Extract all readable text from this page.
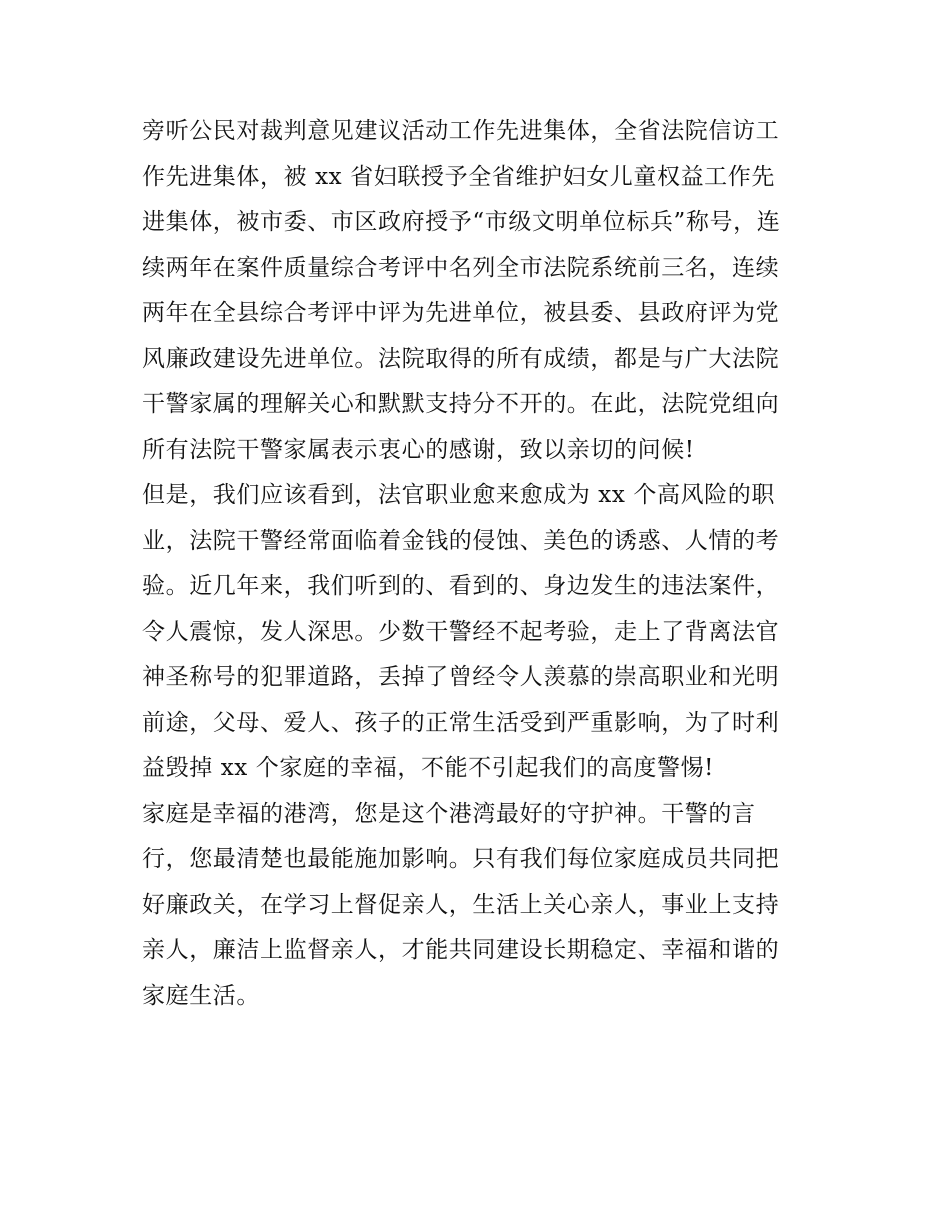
旁听公民对裁判意见建议活动工作先进集体，全省法院信访工
作先进集体，被 xx 省妇联授予全省维护妇女儿童权益工作先
进集体，被市委、市区政府授予“市级文明单位标兵”称号，连
续两年在案件质量综合考评中名列全市法院系统前三名，连续
两年在全县综合考评中评为先进单位，被县委、县政府评为党
风廉政建设先进单位。法院取得的所有成绩，都是与广大法院
干警家属的理解关心和默默支持分不开的。在此，法院党组向
所有法院干警家属表示衷心的感谢，致以亲切的问候!
但是，我们应该看到，法官职业愈来愈成为 xx 个高风险的职
业，法院干警经常面临着金钱的侵蚀、美色的诱惑、人情的考
验。近几年来，我们听到的、看到的、身边发生的违法案件，
令人震惊，发人深思。少数干警经不起考验，走上了背离法官
神圣称号的犯罪道路，丢掉了曾经令人羡慕的崇高职业和光明
前途，父母、爱人、孩子的正常生活受到严重影响，为了时利
益毁掉 xx 个家庭的幸福，不能不引起我们的高度警惕!
家庭是幸福的港湾，您是这个港湾最好的守护神。干警的言
行，您最清楚也最能施加影响。只有我们每位家庭成员共同把
好廉政关，在学习上督促亲人，生活上关心亲人，事业上支持
亲人，廉洁上监督亲人，才能共同建设长期稳定、幸福和谐的
家庭生活。
